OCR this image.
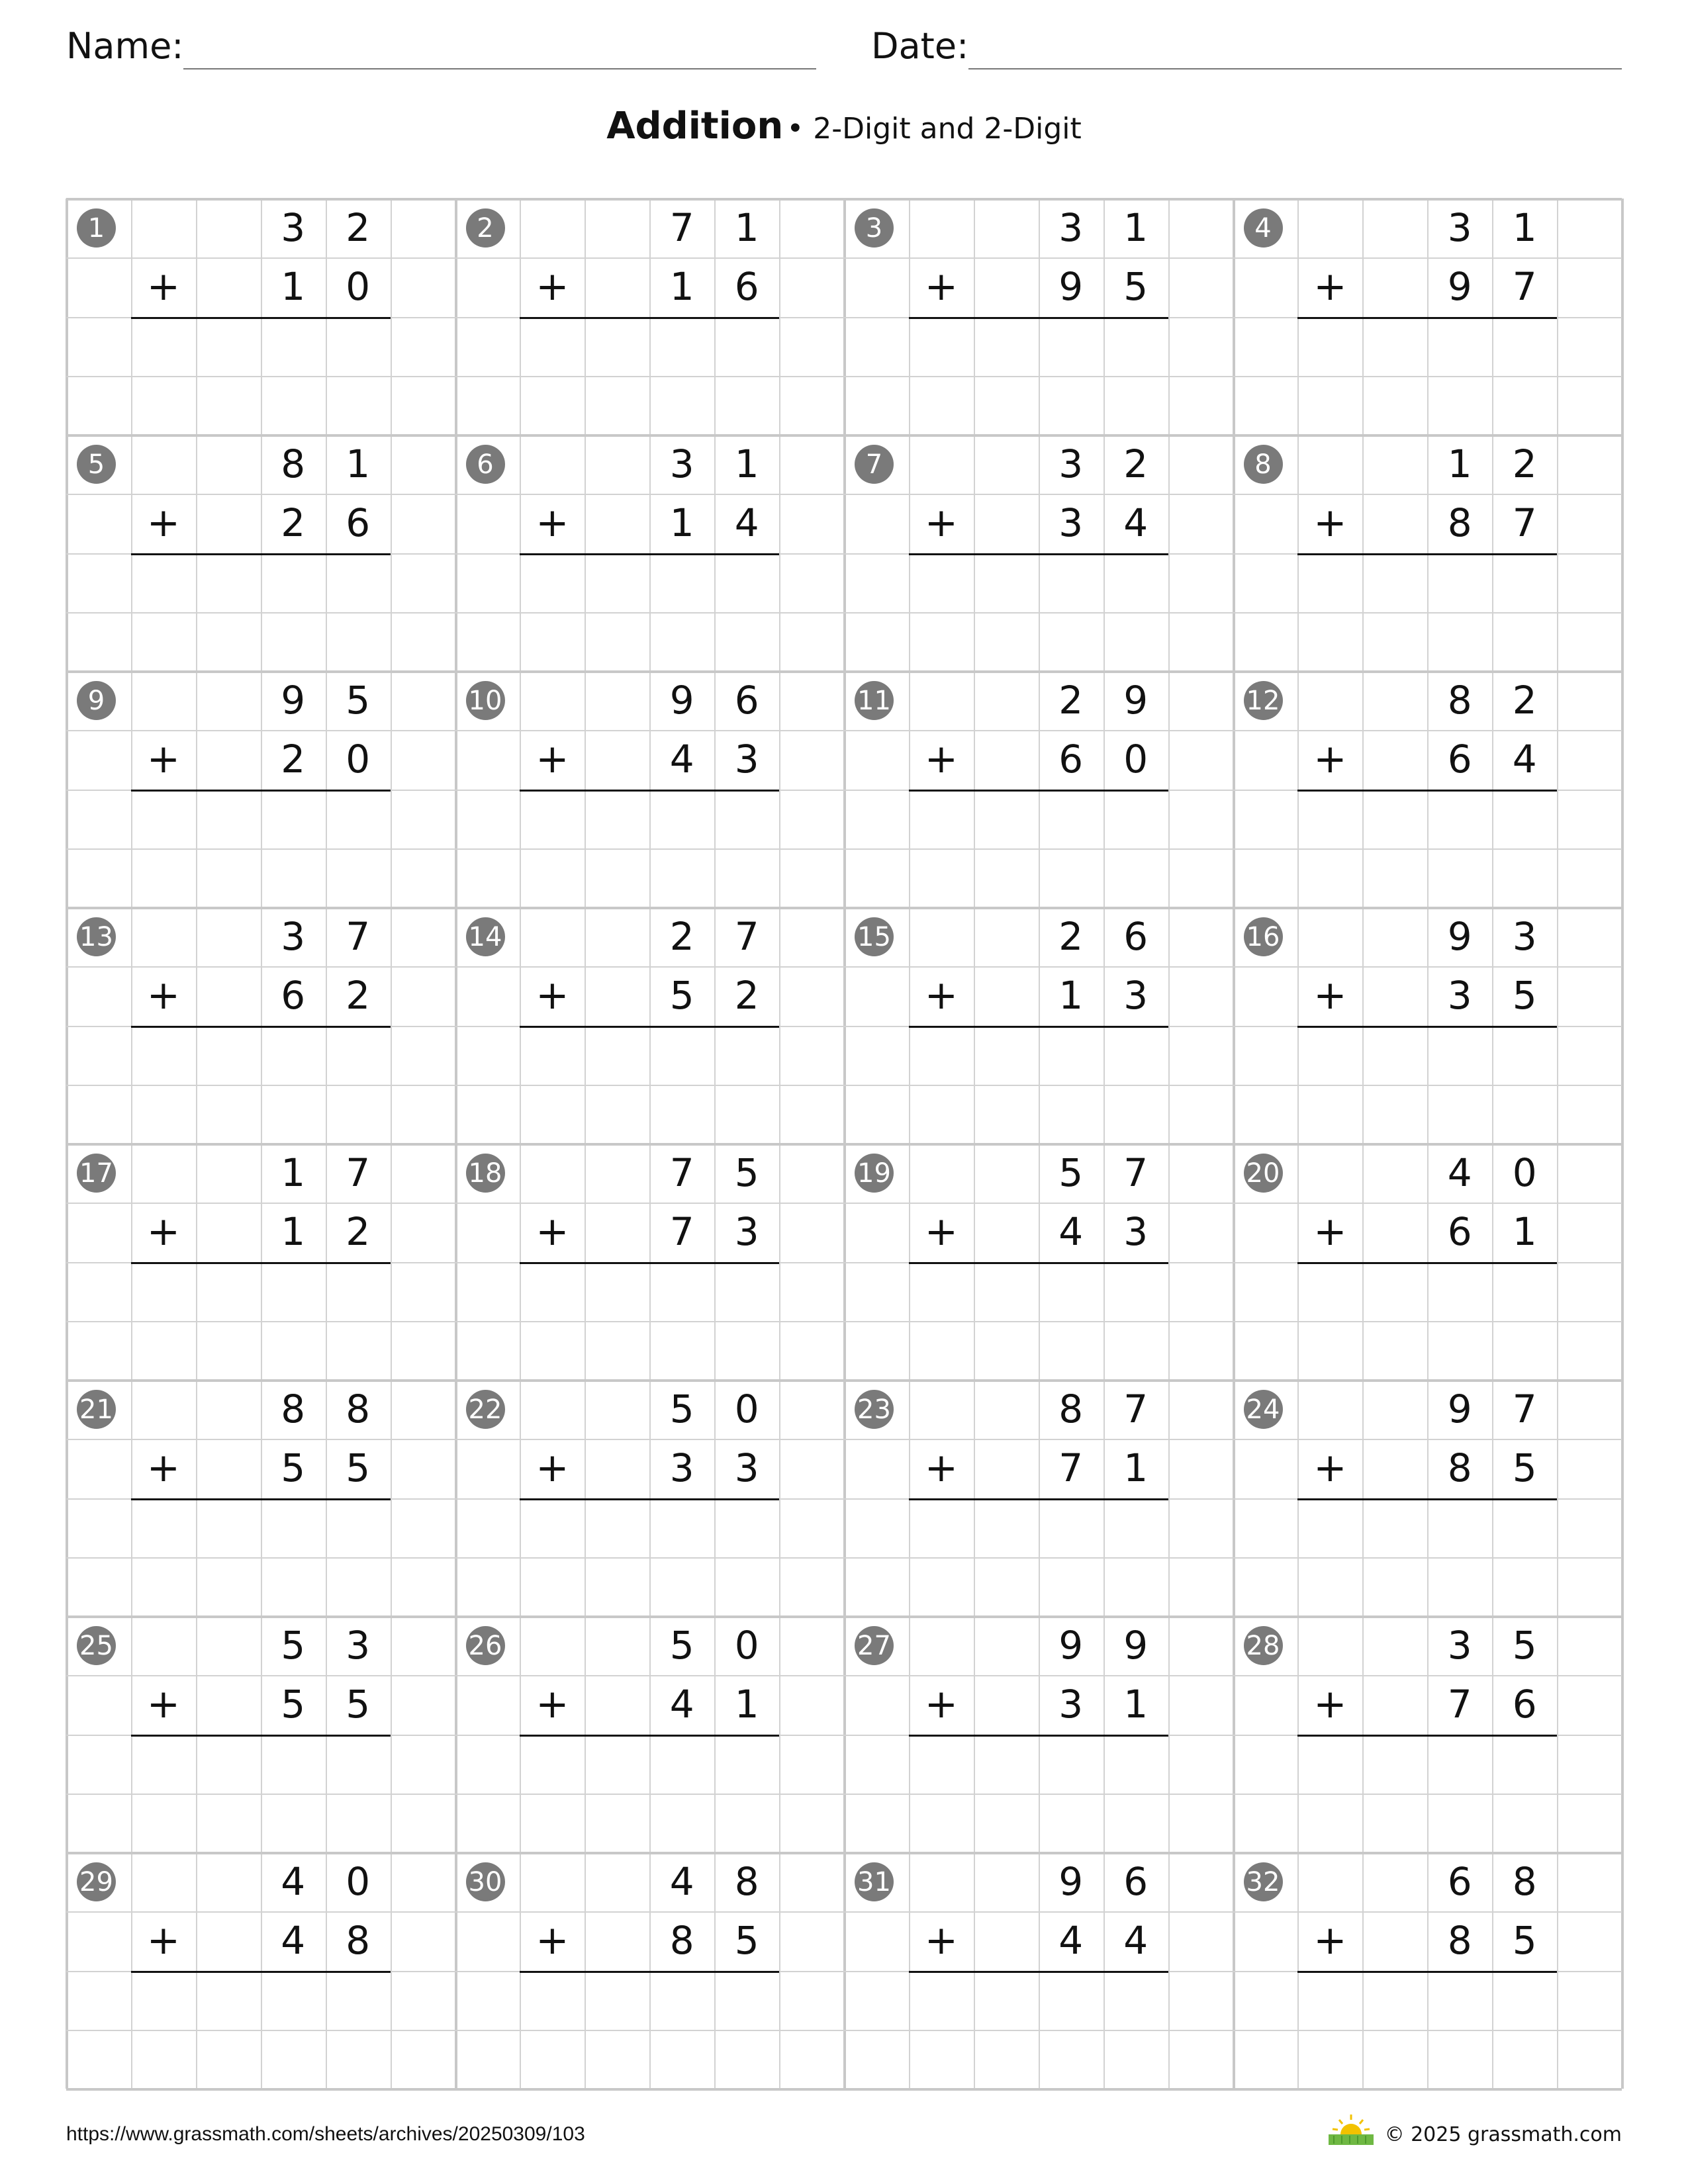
Name:	Date:
Addition • 2-Digit and 2-Digit
1	3	2
+	1	0
2	7	1
+	1	6
3	3	1
+	9	5
4	3	1
+	9	7
5	8	1
+	2	6
6	3	1
+	1	4
7	3	2
+	3	4
8	1	2
+	8	7
9	9	5
+	2	0
10	9	6
+	4	3
11	2	9
+	6	0
12	8	2
+	6	4
13	3	7
+	6	2
14	2	7
+	5	2
15	2	6
+	1	3
16	9	3
+	3	5
17	1	7
+	1	2
18	7	5
+	7	3
19	5	7
+	4	3
20	4	0
+	6	1
21	8	8
+	5	5
22	5	0
+	3	3
23	8	7
+	7	1
24	9	7
+	8	5
25	5	3
+	5	5
26	5	0
+	4	1
27	9	9
+	3	1
28	3	5
+	7	6
29	4	0
+	4	8
30	4	8
+	8	5
31	9	6
+	4	4
32	6	8
+	8	5
https://www.grassmath.com/sheets/archives/20250309/103	© 2025 grassmath.com
